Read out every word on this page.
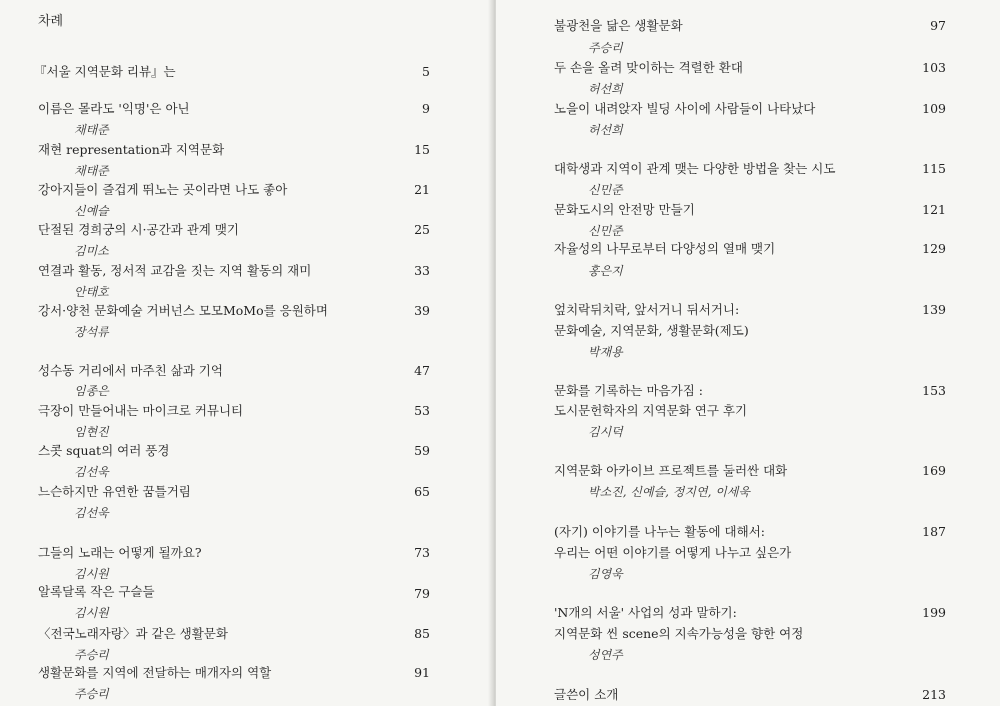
차례
『서울 지역문화 리뷰』는	5
이름은 몰라도 '익명'은 아닌
채태준
9
재현 representation과 지역문화
채태준
15
강아지들이 즐겁게 뛰노는 곳이라면 나도 좋아
신예슬
21
단절된 경희궁의 시·공간과 관계 맺기
김미소
25
연결과 활동, 정서적 교감을 짓는 지역 활동의 재미
안태호
33
강서·양천 문화예술 거버넌스 모모MoMo를 응원하며
장석류
39
성수동 거리에서 마주친 삶과 기억
임종은
47
극장이 만들어내는 마이크로 커뮤니티
임현진
53
스콧 squat의 여러 풍경
김선욱
59
느슨하지만 유연한 꿈틀거림
김선욱
65
그들의 노래는 어떻게 될까요?
김시원
73
알록달록 작은 구슬들
김시원
79
〈전국노래자랑〉과 같은 생활문화
주승리
85
생활문화를 지역에 전달하는 매개자의 역할
주승리
91
불광천을 닮은 생활문화
주승리
97
두 손을 올려 맞이하는 격렬한 환대
허선희
103
노을이 내려앉자 빌딩 사이에 사람들이 나타났다
허선희
109
대학생과 지역이 관계 맺는 다양한 방법을 찾는 시도
신민준
115
문화도시의 안전망 만들기
신민준
121
자율성의 나무로부터 다양성의 열매 맺기
홍은지
129
엎치락뒤치락, 앞서거니 뒤서거니:
문화예술, 지역문화, 생활문화(제도)
박재용
139
문화를 기록하는 마음가짐 :
도시문헌학자의 지역문화 연구 후기
김시덕
153
지역문화 아카이브 프로젝트를 둘러싼 대화
박소진, 신예슬, 정지연, 이세욱
169
(자기) 이야기를 나누는 활동에 대해서:
우리는 어떤 이야기를 어떻게 나누고 싶은가
김영욱
187
'N개의 서울' 사업의 성과 말하기:
지역문화 씬 scene의 지속가능성을 향한 여정
성연주
199
글쓴이 소개	213
